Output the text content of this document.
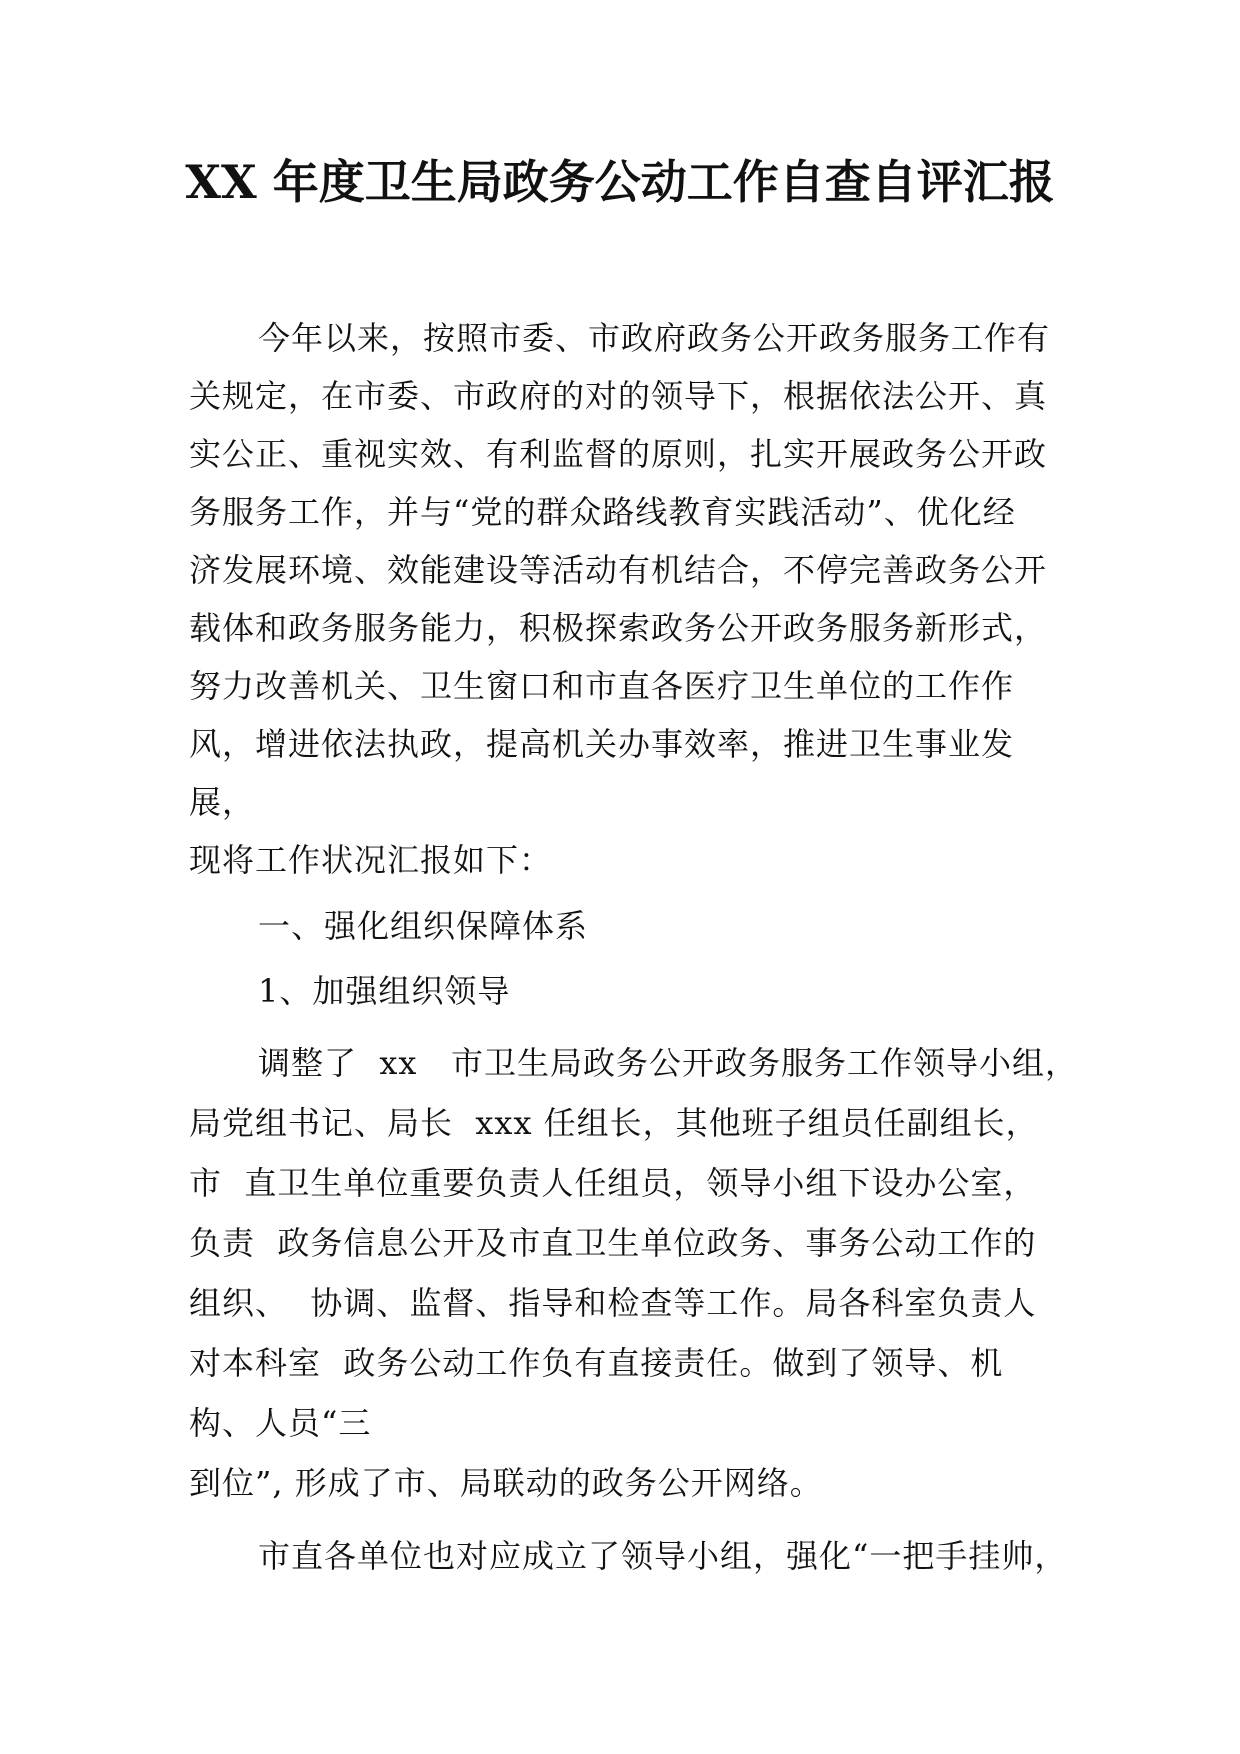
XX 年度卫生局政务公动工作自查自评汇报
今年以来，按照市委、市政府政务公开政务服务工作有
关规定，在市委、市政府的对的领导下，根据依法公开、真
实公正、重视实效、有利监督的原则，扎实开展政务公开政
务服务工作，并与“党的群众路线教育实践活动”、优化经
济发展环境、效能建设等活动有机结合，不停完善政务公开
载体和政务服务能力，积极探索政务公开政务服务新形式，
努力改善机关、卫生窗口和市直各医疗卫生单位的工作作
风，增进依法执政，提高机关办事效率，推进卫生事业发
展，
现将工作状况汇报如下：
一、强化组织保障体系
1、加强组织领导
调整了  xx   市卫生局政务公开政务服务工作领导小组，
局党组书记、局长  xxx 任组长，其他班子组员任副组长，
市  直卫生单位重要负责人任组员，领导小组下设办公室，
负责  政务信息公开及市直卫生单位政务、事务公动工作的
组织、  协调、监督、指导和检查等工作。局各科室负责人
对本科室  政务公动工作负有直接责任。做到了领导、机
构、人员“三
到位”, 形成了市、局联动的政务公开网络。
市直各单位也对应成立了领导小组，强化“一把手挂帅，
